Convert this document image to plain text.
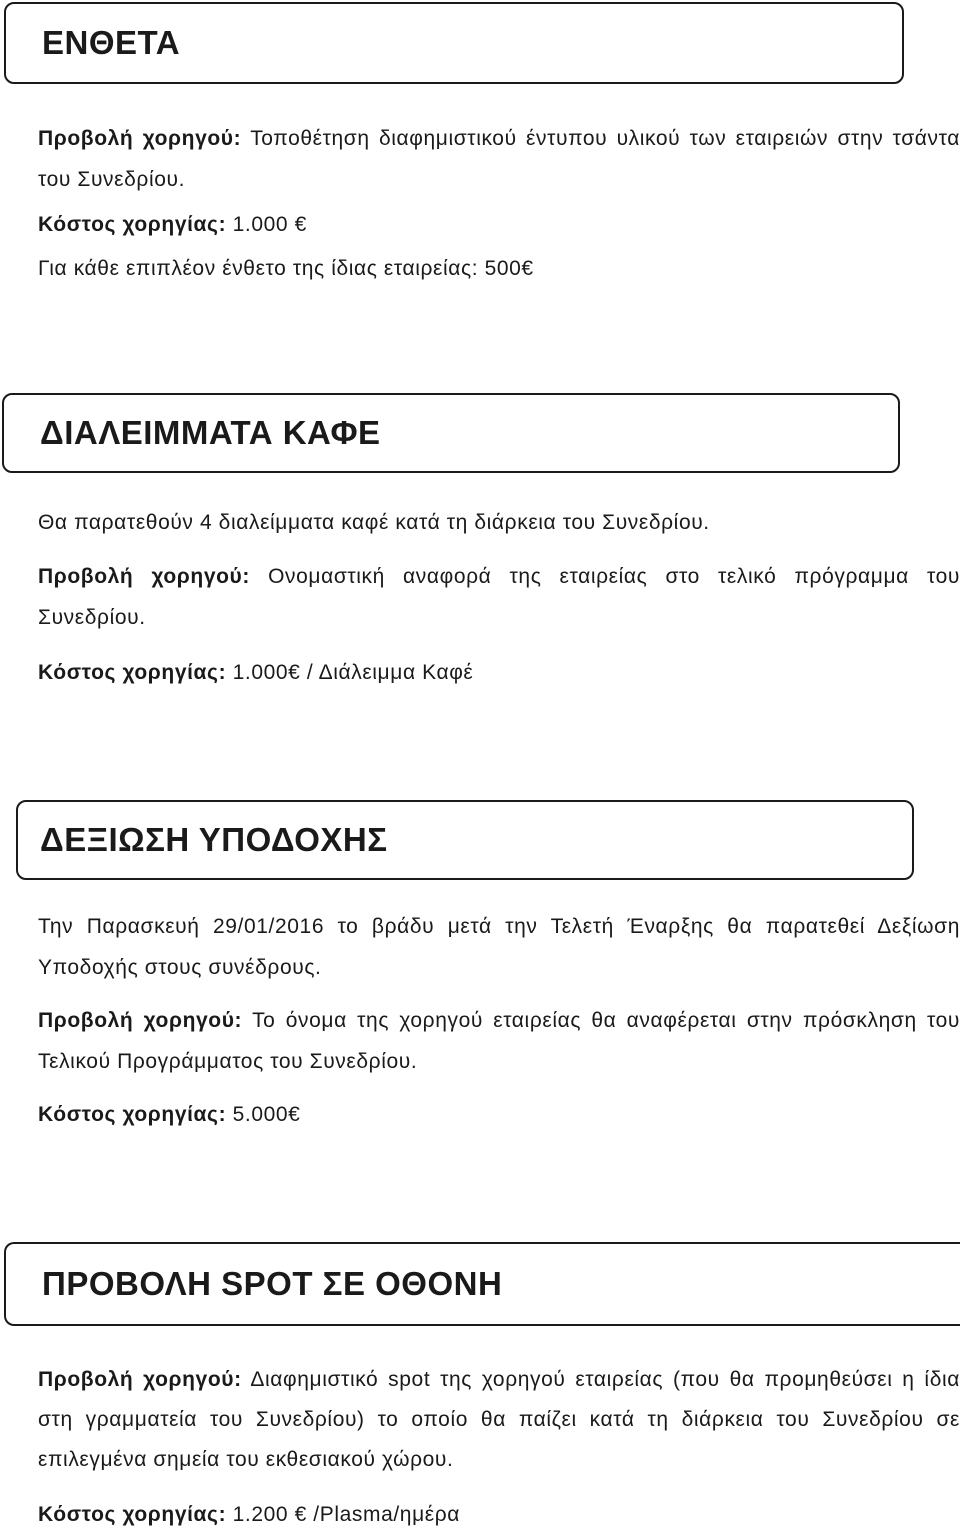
ΕΝΘΕΤΑ
Προβολή χορηγού: Τοποθέτηση διαφημιστικού έντυπου υλικού των εταιρειών στην τσάντα του Συνεδρίου.
Κόστος χορηγίας: 1.000 €
Για κάθε επιπλέον ένθετο της ίδιας εταιρείας: 500€
ΔΙΑΛΕΙΜΜΑΤΑ ΚΑΦΕ
Θα παρατεθούν 4 διαλείμματα καφέ κατά τη διάρκεια του Συνεδρίου.
Προβολή χορηγού: Ονομαστική αναφορά της εταιρείας στο τελικό πρόγραμμα του Συνεδρίου.
Κόστος χορηγίας: 1.000€ / Διάλειμμα Καφέ
ΔΕΞΙΩΣΗ ΥΠΟΔΟΧΗΣ
Την Παρασκευή 29/01/2016 το βράδυ μετά την Τελετή Έναρξης θα παρατεθεί Δεξίωση Υποδοχής στους συνέδρους.
Προβολή χορηγού: Το όνομα της χορηγού εταιρείας θα αναφέρεται στην πρόσκληση του Τελικού Προγράμματος του Συνεδρίου.
Κόστος χορηγίας: 5.000€
ΠΡΟΒΟΛΗ SPOT ΣΕ ΟΘΟΝΗ
Προβολή χορηγού: Διαφημιστικό spot της χορηγού εταιρείας (που θα προμηθεύσει η ίδια στη γραμματεία του Συνεδρίου) το οποίο θα παίζει κατά τη διάρκεια του Συνεδρίου σε επιλεγμένα σημεία του εκθεσιακού χώρου.
Κόστος χορηγίας: 1.200 € /Plasma/ημέρα
